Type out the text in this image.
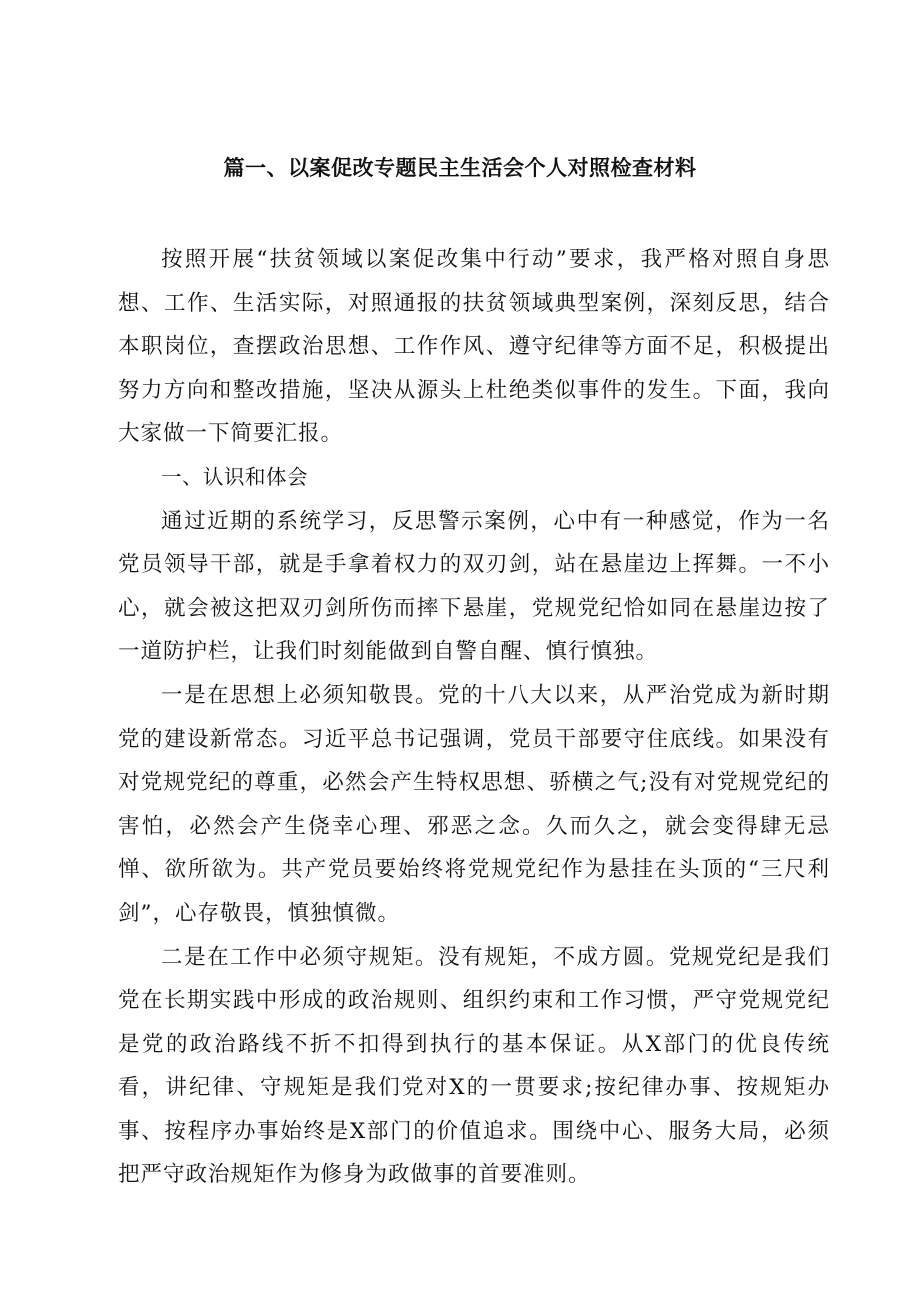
篇一、以案促改专题民主生活会个人对照检查材料

按照开展“扶贫领域以案促改集中行动”要求，我严格对照自身思想、工作、生活实际，对照通报的扶贫领域典型案例，深刻反思，结合本职岗位，查摆政治思想、工作作风、遵守纪律等方面不足，积极提出努力方向和整改措施，坚决从源头上杜绝类似事件的发生。下面，我向大家做一下简要汇报。

一、认识和体会

通过近期的系统学习，反思警示案例，心中有一种感觉，作为一名党员领导干部，就是手拿着权力的双刃剑，站在悬崖边上挥舞。一不小心，就会被这把双刃剑所伤而摔下悬崖，党规党纪恰如同在悬崖边按了一道防护栏，让我们时刻能做到自警自醒、慎行慎独。

一是在思想上必须知敬畏。党的十八大以来，从严治党成为新时期党的建设新常态。习近平总书记强调，党员干部要守住底线。如果没有对党规党纪的尊重，必然会产生特权思想、骄横之气;没有对党规党纪的害怕，必然会产生侥幸心理、邪恶之念。久而久之，就会变得肆无忌惮、欲所欲为。共产党员要始终将党规党纪作为悬挂在头顶的“三尺利剑”，心存敬畏，慎独慎微。

二是在工作中必须守规矩。没有规矩，不成方圆。党规党纪是我们党在长期实践中形成的政治规则、组织约束和工作习惯，严守党规党纪是党的政治路线不折不扣得到执行的基本保证。从X部门的优良传统看，讲纪律、守规矩是我们党对X的一贯要求;按纪律办事、按规矩办事、按程序办事始终是X部门的价值追求。围绕中心、服务大局，必须把严守政治规矩作为修身为政做事的首要准则。
